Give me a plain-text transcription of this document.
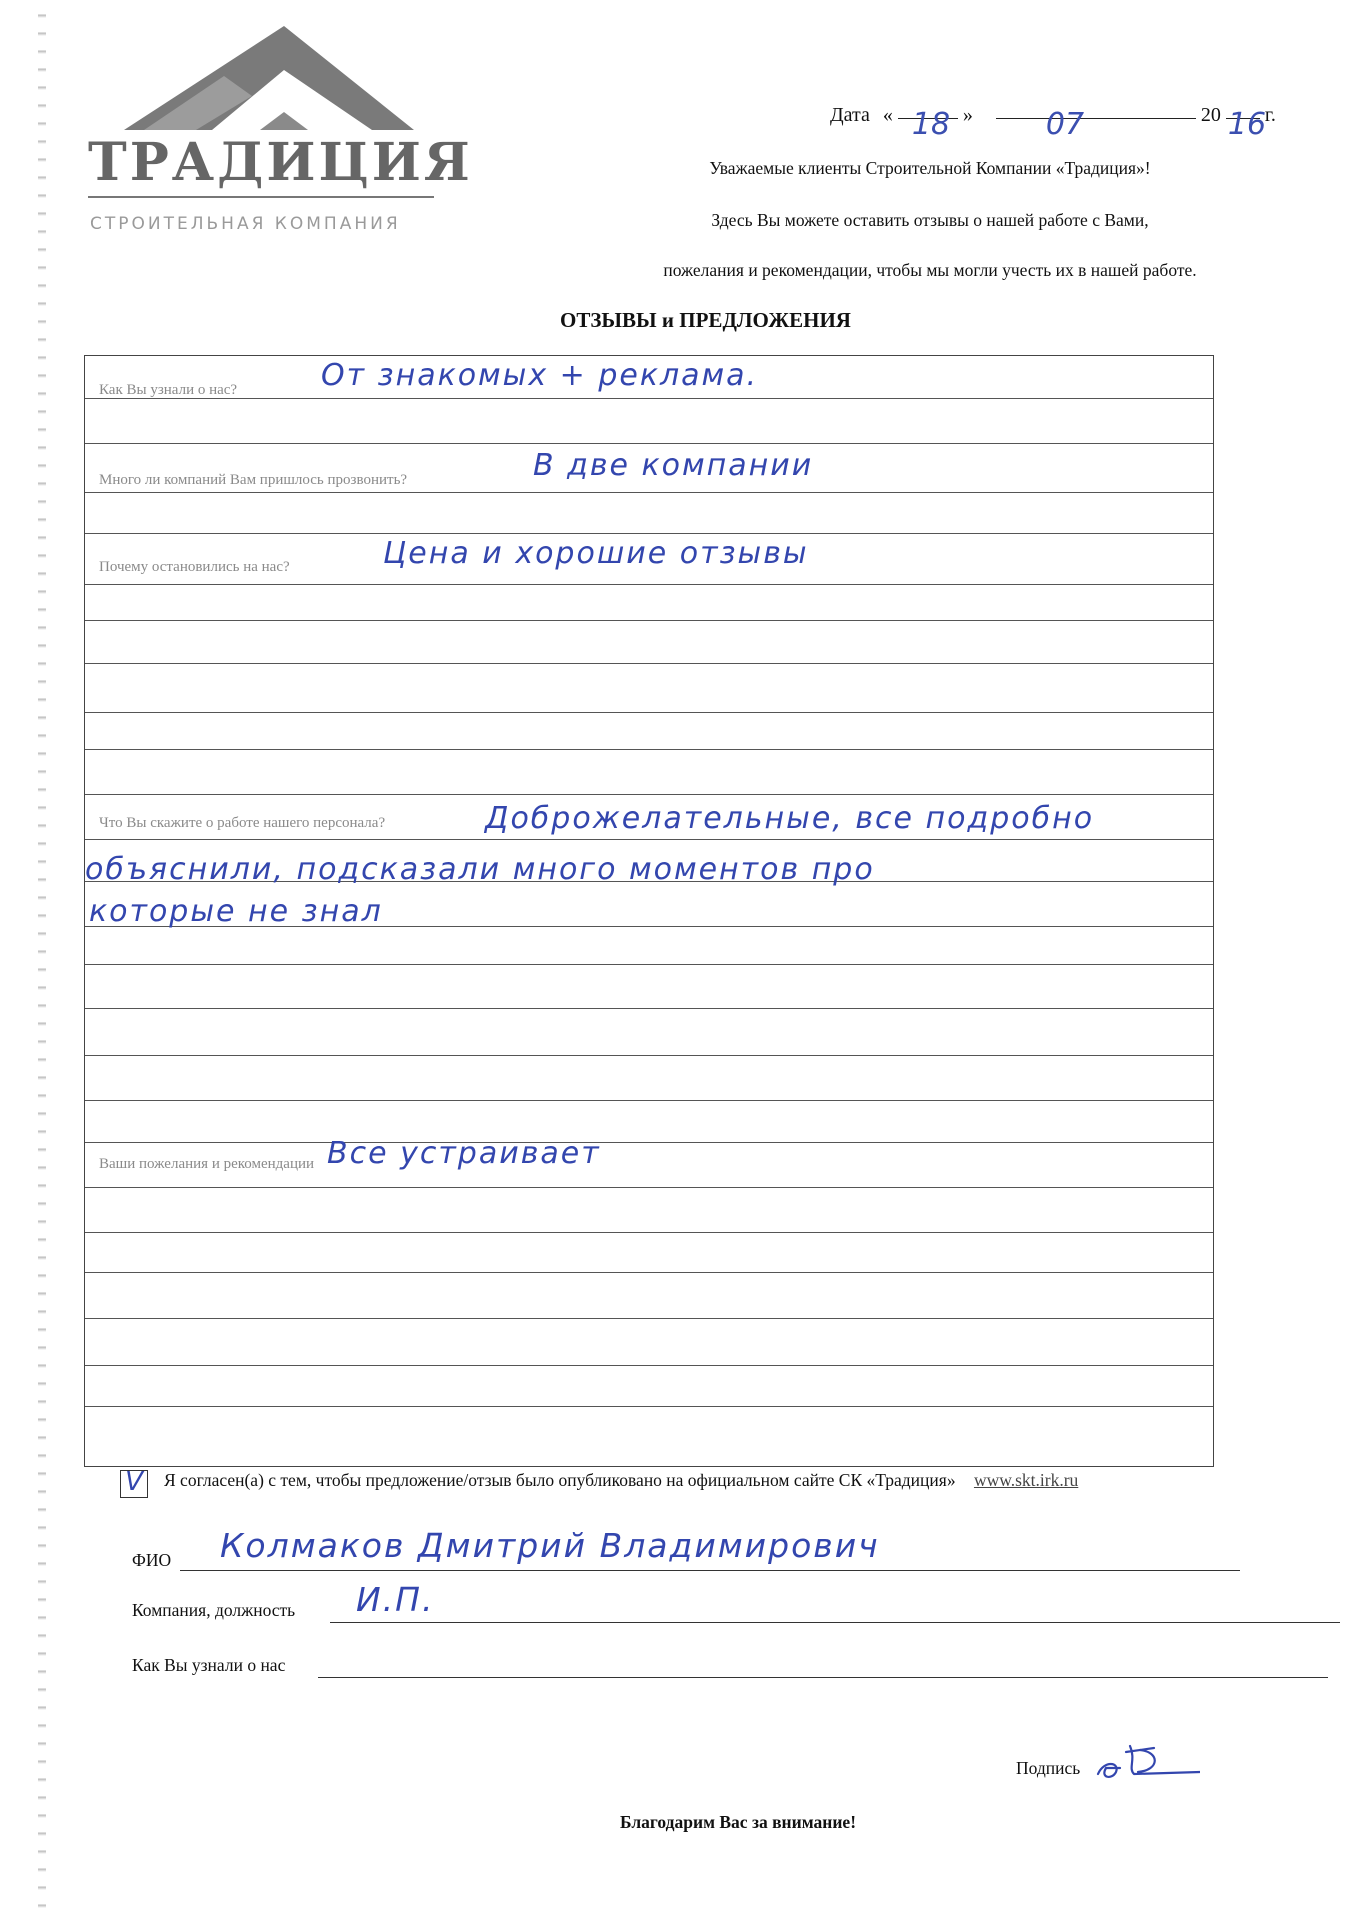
ТРАДИЦИЯ
СТРОИТЕЛЬНАЯ КОМПАНИЯ
Дата « 18 » 07	20 16
г.
Уважаемые клиенты Строительной Компании «Традиция»!
Здесь Вы можете оставить отзывы о нашей работе с Вами,
пожелания и рекомендации, чтобы мы могли учесть их в нашей работе.
ОТЗЫВЫ и ПРЕДЛОЖЕНИЯ
Как Вы узнали о нас?	От знакомых + реклама.
Много ли компаний Вам пришлось прозвонить?	В две компании
Почему остановились на нас?	Цена и хорошие отзывы
Что Вы скажите о работе нашего персонала?	Доброжелательные, все подробно
объяснили, подсказали много моментов про
которые не знал
Ваши пожелания и рекомендации Все устраивает
V Я согласен(а) с тем, чтобы предложение/отзыв было опубликовано на официальном сайте СК «Традиция» www.skt.irk.ru
ФИО Колмаков Дмитрий Владимирович
Компания, должность И.П.
Как Вы узнали о нас
Подпись
Благодарим Вас за внимание!
